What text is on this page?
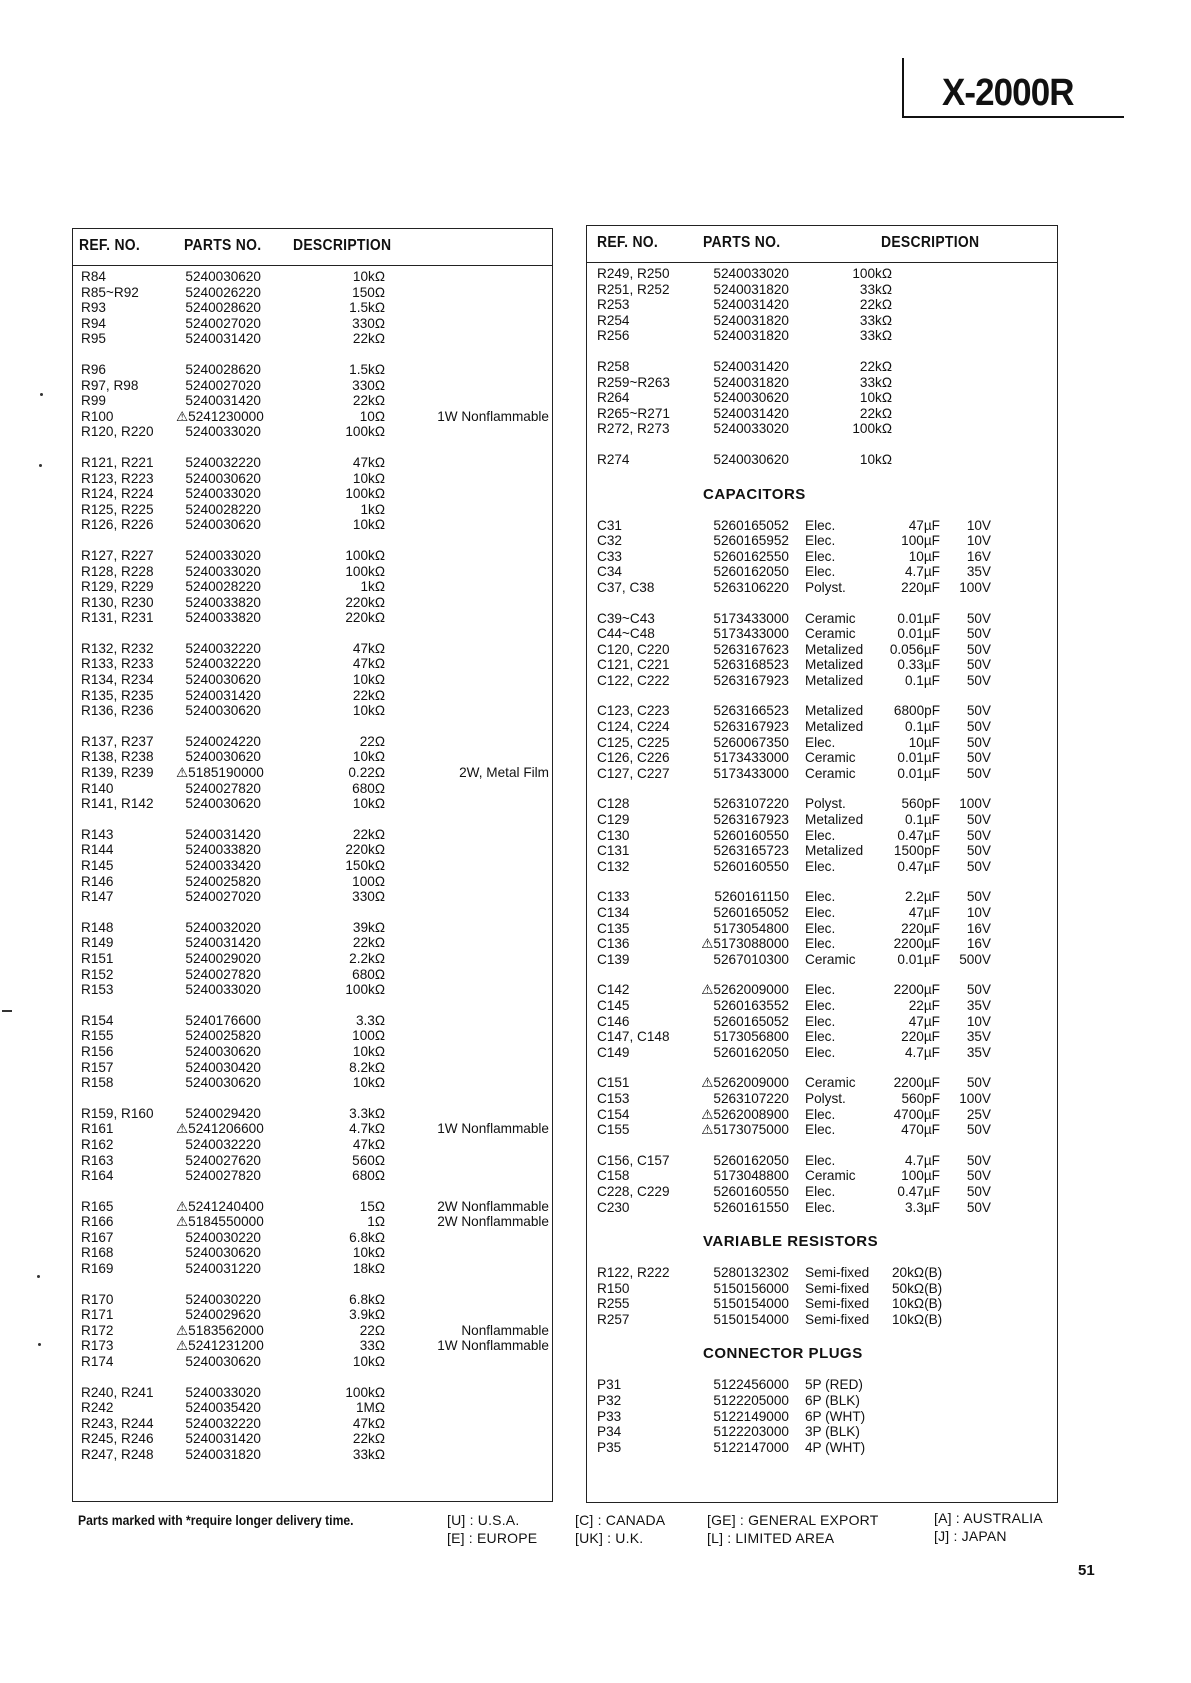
X-2000R
REF. NO.	PARTS NO. DESCRIPTION
R84	5240030620	10kΩ
R85~R92	5240026220	150Ω
R93	5240028620	1.5kΩ
R94	5240027020	330Ω
R95	5240031420	22kΩ
R96	5240028620	1.5kΩ
R97, R98	5240027020	330Ω
R99	5240031420	22kΩ
R100	⚠5241230000	10Ω	1W Nonflammable
R120, R220	5240033020	100kΩ
R121, R221	5240032220	47kΩ
R123, R223	5240030620	10kΩ
R124, R224	5240033020	100kΩ
R125, R225	5240028220	1kΩ
R126, R226	5240030620	10kΩ
R127, R227	5240033020	100kΩ
R128, R228	5240033020	100kΩ
R129, R229	5240028220	1kΩ
R130, R230	5240033820	220kΩ
R131, R231	5240033820	220kΩ
R132, R232	5240032220	47kΩ
R133, R233	5240032220	47kΩ
R134, R234	5240030620	10kΩ
R135, R235	5240031420	22kΩ
R136, R236	5240030620	10kΩ
R137, R237	5240024220	22Ω
R138, R238	5240030620	10kΩ
R139, R239 ⚠5185190000	0.22Ω	2W, Metal Film
R140	5240027820	680Ω
R141, R142	5240030620	10kΩ
R143	5240031420	22kΩ
R144	5240033820	220kΩ
R145	5240033420	150kΩ
R146	5240025820	100Ω
R147	5240027020	330Ω
R148	5240032020	39kΩ
R149	5240031420	22kΩ
R151	5240029020	2.2kΩ
R152	5240027820	680Ω
R153	5240033020	100kΩ
R154	5240176600	3.3Ω
R155	5240025820	100Ω
R156	5240030620	10kΩ
R157	5240030420	8.2kΩ
R158	5240030620	10kΩ
R159, R160	5240029420	3.3kΩ
R161	⚠5241206600	4.7kΩ	1W Nonflammable
R162	5240032220	47kΩ
R163	5240027620	560Ω
R164	5240027820	680Ω
R165	⚠5241240400	15Ω	2W Nonflammable
R166	⚠5184550000	1Ω	2W Nonflammable
R167	5240030220	6.8kΩ
R168	5240030620	10kΩ
R169	5240031220	18kΩ
R170	5240030220	6.8kΩ
R171	5240029620	3.9kΩ
R172	⚠5183562000	22Ω	Nonflammable
R173	⚠5241231200	33Ω	1W Nonflammable
R174	5240030620	10kΩ
R240, R241	5240033020	100kΩ
R242	5240035420	1MΩ
R243, R244	5240032220	47kΩ
R245, R246	5240031420	22kΩ
R247, R248	5240031820	33kΩ
REF. NO.	PARTS NO.	DESCRIPTION
R249, R250	5240033020	100kΩ
R251, R252	5240031820	33kΩ
R253	5240031420	22kΩ
R254	5240031820	33kΩ
R256	5240031820	33kΩ
R258	5240031420	22kΩ
R259~R263	5240031820	33kΩ
R264	5240030620	10kΩ
R265~R271	5240031420	22kΩ
R272, R273	5240033020	100kΩ
R274	5240030620	10kΩ
CAPACITORS
C31	5260165052 Elec.	47µF	10V
C32	5260165952 Elec.	100µF	10V
C33	5260162550 Elec.	10µF	16V
C34	5260162050 Elec.	4.7µF	35V
C37, C38	5263106220 Polyst.	220µF	100V
C39~C43	5173433000 Ceramic	0.01µF	50V
C44~C48	5173433000 Ceramic	0.01µF	50V
C120, C220	5263167623 Metalized	0.056µF	50V
C121, C221	5263168523 Metalized	0.33µF	50V
C122, C222	5263167923 Metalized	0.1µF	50V
C123, C223	5263166523 Metalized	6800pF	50V
C124, C224	5263167923 Metalized	0.1µF	50V
C125, C225	5260067350 Elec.	10µF	50V
C126, C226	5173433000 Ceramic	0.01µF	50V
C127, C227	5173433000 Ceramic	0.01µF	50V
C128	5263107220 Polyst.	560pF	100V
C129	5263167923 Metalized	0.1µF	50V
C130	5260160550 Elec.	0.47µF	50V
C131	5263165723 Metalized	1500pF	50V
C132	5260160550 Elec.	0.47µF	50V
C133	5260161150 Elec.	2.2µF	50V
C134	5260165052 Elec.	47µF	10V
C135	5173054800 Elec.	220µF	16V
C136	⚠5173088000 Elec.	2200µF	16V
C139	5267010300 Ceramic	0.01µF	500V
C142	⚠5262009000 Elec.	2200µF	50V
C145	5260163552 Elec.	22µF	35V
C146	5260165052 Elec.	47µF	10V
C147, C148	5173056800 Elec.	220µF	35V
C149	5260162050 Elec.	4.7µF	35V
C151	⚠5262009000 Ceramic	2200µF	50V
C153	5263107220 Polyst.	560pF	100V
C154	⚠5262008900 Elec.	4700µF	25V
C155	⚠5173075000 Elec.	470µF	50V
C156, C157	5260162050 Elec.	4.7µF	50V
C158	5173048800 Ceramic	100µF	50V
C228, C229	5260160550 Elec.	0.47µF	50V
C230	5260161550 Elec.	3.3µF	50V
VARIABLE RESISTORS
R122, R222	5280132302 Semi-fixed 20kΩ(B)
R150	5150156000 Semi-fixed 50kΩ(B)
R255	5150154000 Semi-fixed 10kΩ(B)
R257	5150154000 Semi-fixed 10kΩ(B)
CONNECTOR PLUGS
P31	5122456000 5P (RED)
P32	5122205000 6P (BLK)
P33	5122149000 6P (WHT)
P34	5122203000 3P (BLK)
P35	5122147000 4P (WHT)
Parts marked with *require longer delivery time.	[U] : U.S.A.
[E] : EUROPE
[C] : CANADA
[UK] : U.K.
[GE] : GENERAL EXPORT
[L] : LIMITED AREA
[A] : AUSTRALIA
[J] : JAPAN
51
